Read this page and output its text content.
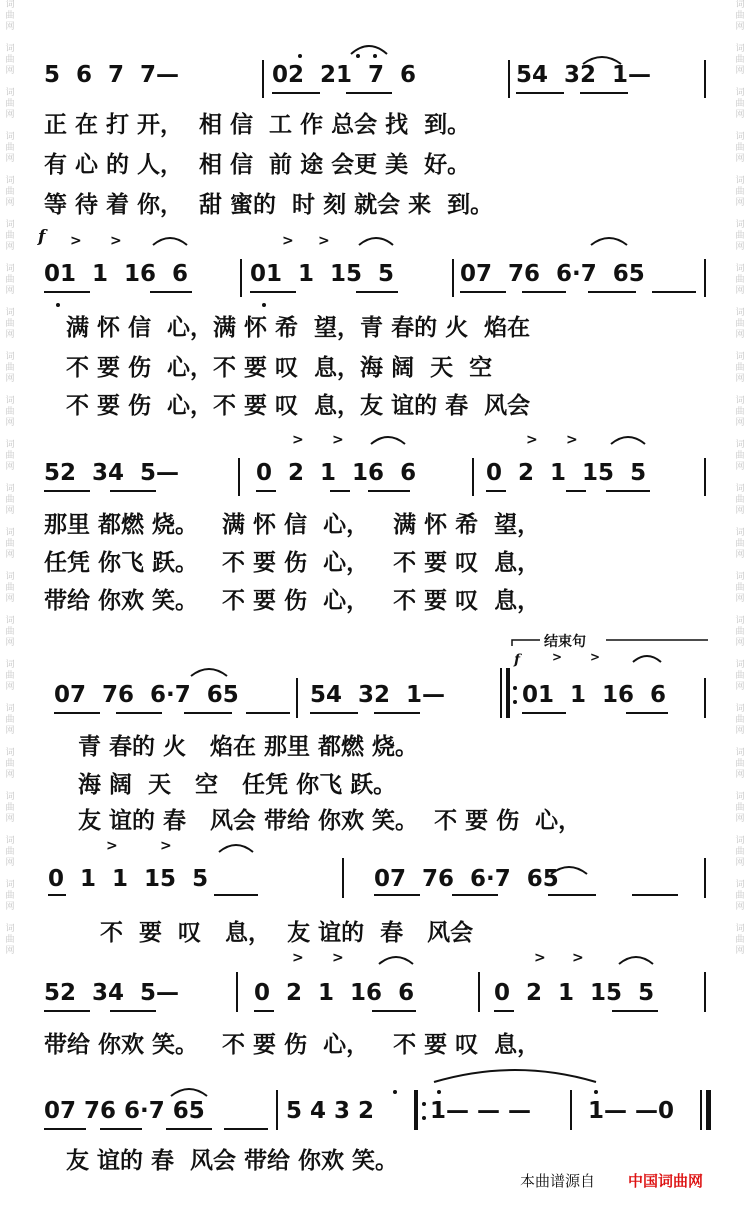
词
曲
网

词
曲
网

词
曲
网

词
曲
网

词
曲
网

词
曲
网

词
曲
网

词
曲
网

词
曲
网

词
曲
网

词
曲
网

词
曲
网

词
曲
网

词
曲
网

词
曲
网

词
曲
网

词
曲
网

词
曲
网

词
曲
网

词
曲
网

词
曲
网

词
曲
网
词
曲
网

词
曲
网

词
曲
网

词
曲
网

词
曲
网

词
曲
网

词
曲
网

词
曲
网

词
曲
网

词
曲
网

词
曲
网

词
曲
网

词
曲
网

词
曲
网

词
曲
网

词
曲
网

词
曲
网

词
曲
网

词
曲
网

词
曲
网

词
曲
网

词
曲
网
5  6  7  7—	02  21  7  6	54  32  1—
正 在 打 开，  相 信  工 作 总会 找  到。
有 心 的 人，  相 信  前 途 会更 美  好。
等 待 着 你，  甜 蜜的  时 刻 就会 来  到。
f > >	> >
01  1  16  6	01  1  15  5	07  76  6·7  65
满 怀 信  心，满 怀 希  望，青 春的 火  焰在
不 要 伤  心，不 要 叹  息，海 阔  天  空
不 要 伤  心，不 要 叹  息，友 谊的 春  风会
> >	> >
52  34  5—	0  2  1  16  6	0  2  1  15  5
那里 都燃 烧。   满 怀 信  心，   满 怀 希  望，
任凭 你飞 跃。   不 要 伤  心，   不 要 叹  息，
带给 你欢 笑。   不 要 伤  心，   不 要 叹  息，
结束句
f	> >
07  76  6·7  65	54  32  1—	01  1  16  6
青 春的 火   焰在 那里 都燃 烧。
海 阔  天   空   任凭 你飞 跃。
友 谊的 春   风会 带给 你欢 笑。  不 要 伤  心，
>	>
0  1  1  15  5	07  76  6·7  65
不  要  叹   息，  友 谊的  春   风会
> >	> >
52  34  5—	0  2  1  16  6	0  2  1  15  5
带给 你欢 笑。   不 要 伤  心，   不 要 叹  息，
07 76 6·7 65	5 4 3 2 1— — — 1— —0
友 谊的 春  风会 带给 你欢 笑。
本曲谱源自 中国词曲网
